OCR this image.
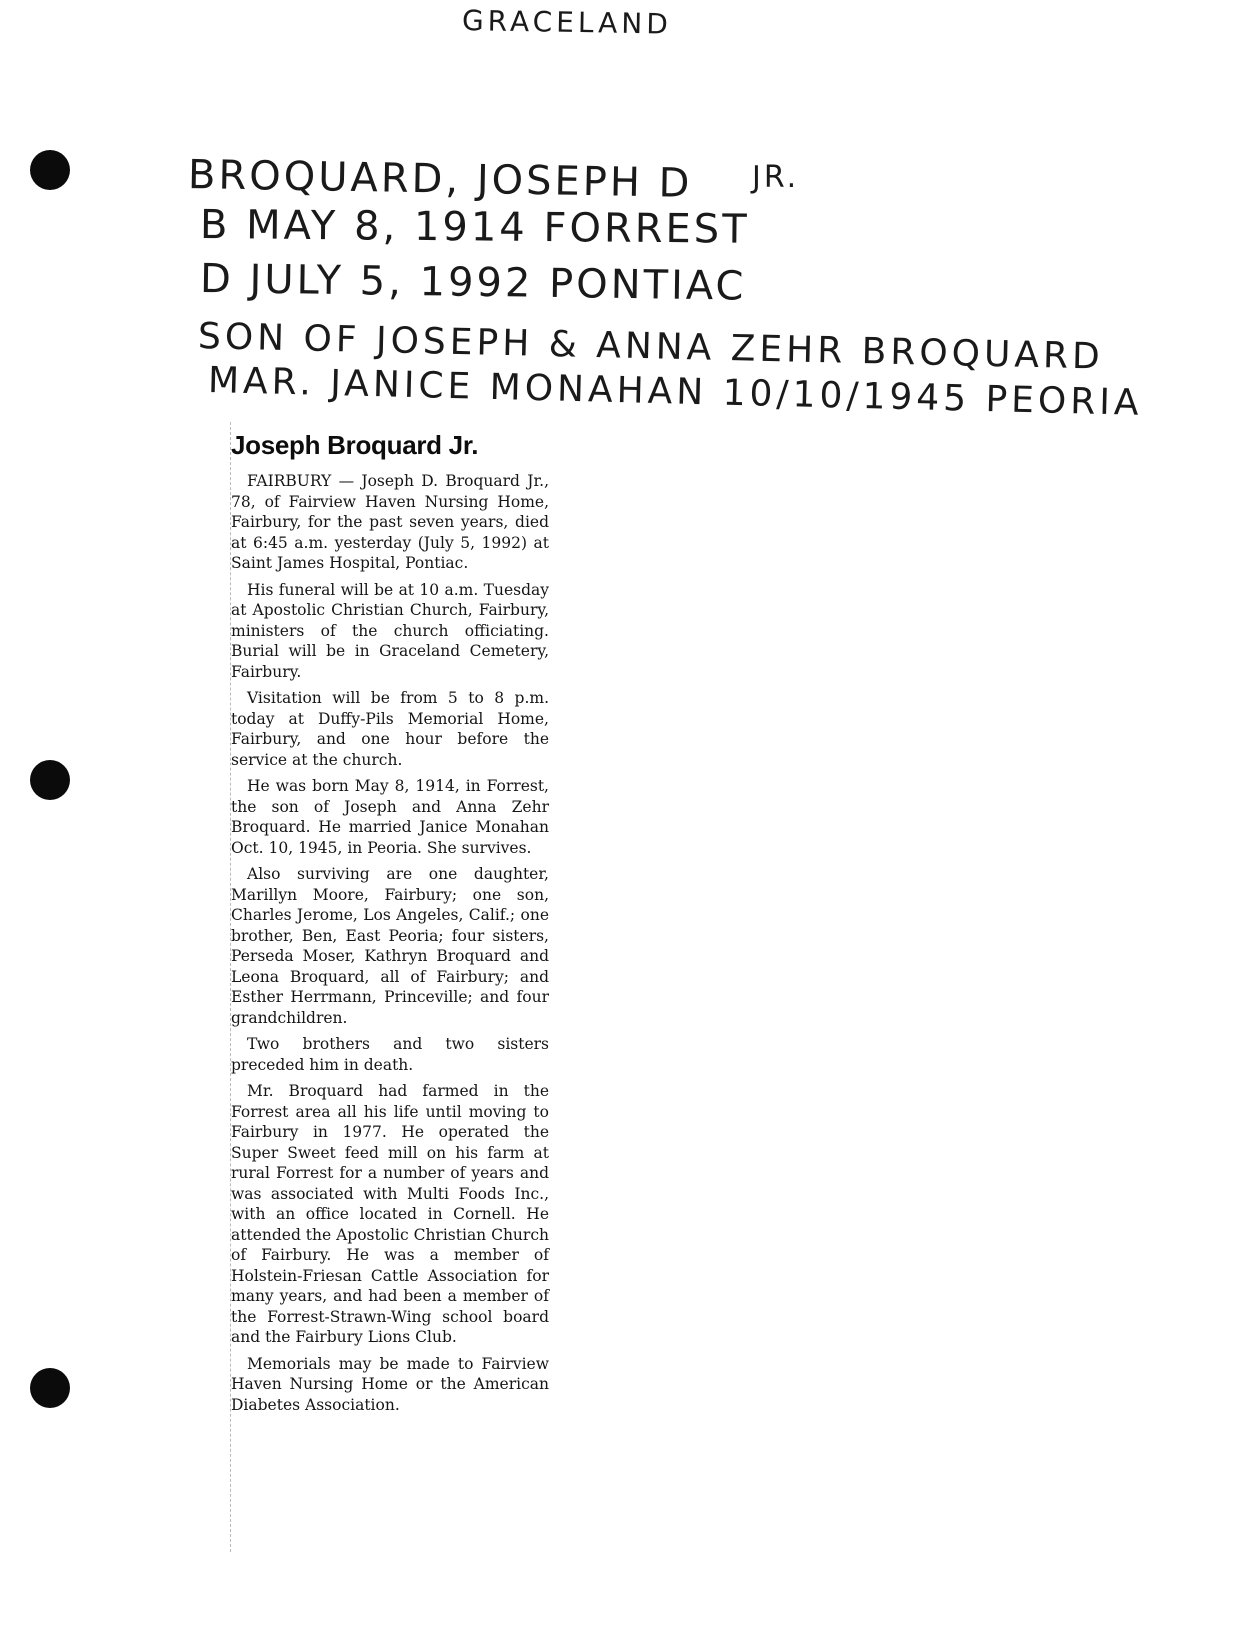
GRACELAND
BROQUARD, JOSEPH D JR.
B MAY 8, 1914 FORREST
D JULY 5, 1992 PONTIAC
SON OF JOSEPH & ANNA ZEHR BROQUARD
MAR. JANICE MONAHAN 10/10/1945 PEORIA
Joseph Broquard Jr.

FAIRBURY — Joseph D. Broquard Jr., 78, of Fairview Haven Nursing Home, Fairbury, for the past seven years, died at 6:45 a.m. yesterday (July 5, 1992) at Saint James Hospital, Pontiac.

His funeral will be at 10 a.m. Tuesday at Apostolic Christian Church, Fairbury, ministers of the church officiating. Burial will be in Graceland Cemetery, Fairbury.

Visitation will be from 5 to 8 p.m. today at Duffy-Pils Memorial Home, Fairbury, and one hour before the service at the church.

He was born May 8, 1914, in Forrest, the son of Joseph and Anna Zehr Broquard. He married Janice Monahan Oct. 10, 1945, in Peoria. She survives.

Also surviving are one daughter, Marillyn Moore, Fairbury; one son, Charles Jerome, Los Angeles, Calif.; one brother, Ben, East Peoria; four sisters, Perseda Moser, Kathryn Broquard and Leona Broquard, all of Fairbury; and Esther Herrmann, Princeville; and four grandchildren.

Two brothers and two sisters preceded him in death.

Mr. Broquard had farmed in the Forrest area all his life until moving to Fairbury in 1977. He operated the Super Sweet feed mill on his farm at rural Forrest for a number of years and was associated with Multi Foods Inc., with an office located in Cornell. He attended the Apostolic Christian Church of Fairbury. He was a member of Holstein-Friesan Cattle Association for many years, and had been a member of the Forrest-Strawn-Wing school board and the Fairbury Lions Club.

Memorials may be made to Fairview Haven Nursing Home or the American Diabetes Association.
